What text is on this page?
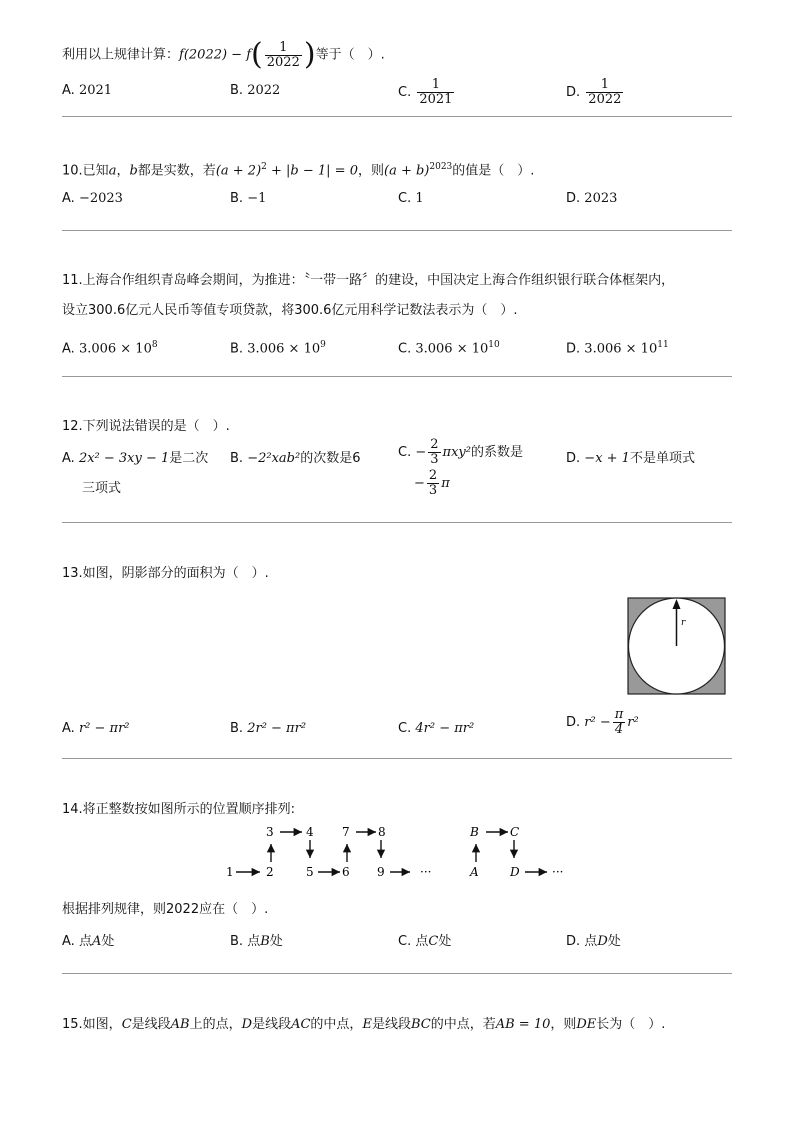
利用以上规律计算：$f(2022) - f( \frac{1}{2022}$ )等于（　）.
A. 2021	B. 2022	C. $\frac{1}{2021}$	D. $\frac{1}{2022}$
10.已知a，b都是实数，若$(a + 2)^2 + |b - 1| = 0$，则$(a + b)^{2023}$的值是（　）.
A. −2023	B. −1	C. 1	D. 2023
11.上海合作组织青岛峰会期间，为推进：〝一带一路〞的建设，中国决定上海合作组织银行联合体框架内，
设立300.6亿元人民币等值专项贷款，将300.6亿元用科学记数法表示为（　）.
A. $3.006 \times 10^8$	B. $3.006 \times 10^9$	C. $3.006 \times 10^{10}$	D. $3.006 \times 10^{11}$
12.下列说法错误的是（　）.
A. 2x² − 3xy − 1是二次
三项式
B. −2²xab²的次数是6	C. − $\frac{2}{3} \pi xy^2$的系数是
− $\frac{2}{3}$ π
D. −x + 1不是单项式
13.如图，阴影部分的面积为（　）.
r
A. r² − πr²	B. 2r² − πr²	C. 4r² − πr²	D. $r^2 - \frac{\pi}{4} r^2$
14.将正整数按如图所示的位置顺序排列:
1	2
3	4
5 6
7 8
9	···	A
B	C
D	···
根据排列规律，则2022应在（　）.
A. 点A处	B. 点B处	C. 点C处	D. 点D处
15.如图，C是线段AB上的点，D是线段AC的中点，E是线段BC的中点，若AB = 10，则DE长为（　）.
